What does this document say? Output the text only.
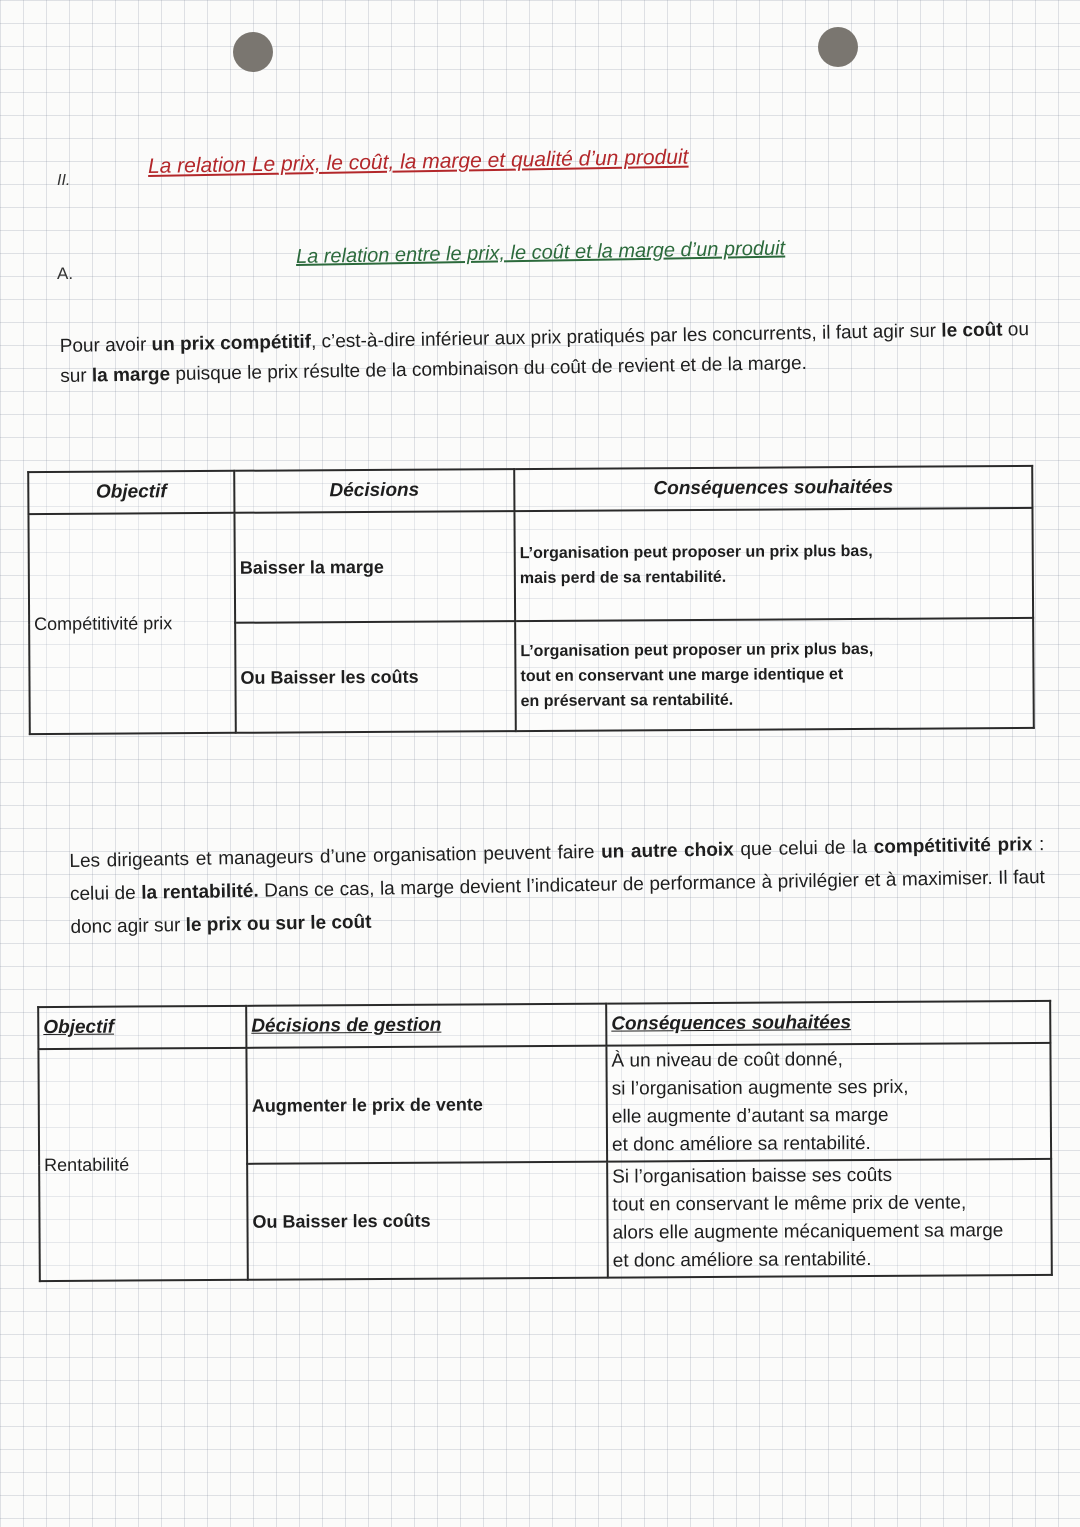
II.
La relation Le prix, le coût, la marge et qualité d’un produit
A.
La relation entre le prix, le coût et la marge d’un produit

Pour avoir un prix compétitif, c’est-à-dire inférieur aux prix pratiqués par les concurrents, il faut agir sur le coût ou sur la marge puisque le prix résulte de la combinaison du coût de revient et de la marge.

Objectif	Décisions	Conséquences souhaitées
Compétitivité prix	Baisser la marge	L’organisation peut proposer un prix plus bas,
mais perd de sa rentabilité.

	Ou Baisser les coûts	L’organisation peut proposer un prix plus bas,
tout en conservant une marge identique et
en préservant sa rentabilité.

Les dirigeants et manageurs d’une organisation peuvent faire un autre choix que celui de la compétitivité prix : celui de la rentabilité. Dans ce cas, la marge devient l’indicateur de performance à privilégier et à maximiser. Il faut donc agir sur le prix ou sur le coût

Objectif	Décisions de gestion	Conséquences souhaitées
Rentabilité	Augmenter le prix de vente	À un niveau de coût donné,
si l’organisation augmente ses prix,
elle augmente d’autant sa marge
et donc améliore sa rentabilité.

	Ou Baisser les coûts	Si l’organisation baisse ses coûts
tout en conservant le même prix de vente,
alors elle augmente mécaniquement sa marge
et donc améliore sa rentabilité.
